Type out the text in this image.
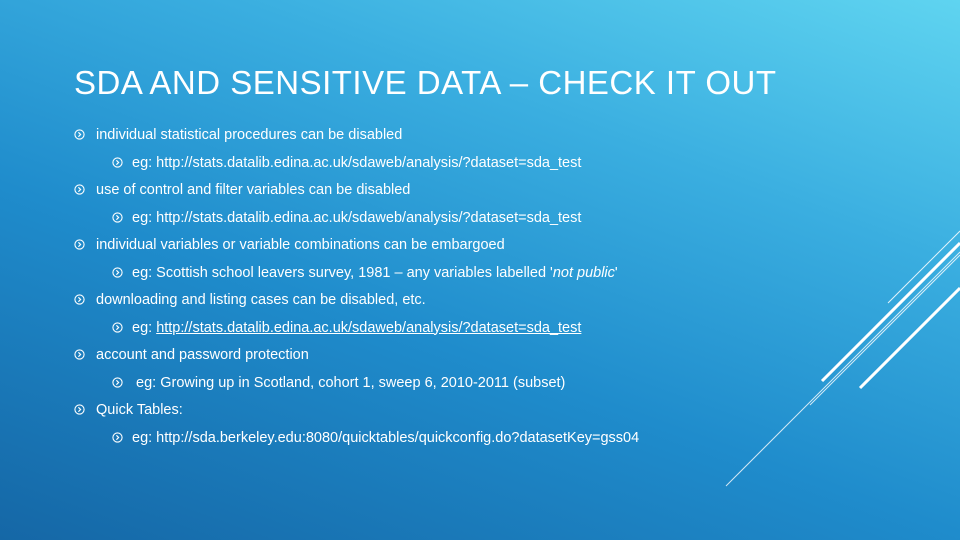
SDA AND SENSITIVE DATA – CHECK IT OUT
individual statistical procedures can be disabled
eg: http://stats.datalib.edina.ac.uk/sdaweb/analysis/?dataset=sda_test
use of control and filter variables can be disabled
eg: http://stats.datalib.edina.ac.uk/sdaweb/analysis/?dataset=sda_test
individual variables or variable combinations can be embargoed
eg: Scottish school leavers survey, 1981 – any variables labelled 'not public'
downloading and listing cases can be disabled, etc.
eg: http://stats.datalib.edina.ac.uk/sdaweb/analysis/?dataset=sda_test
account and password protection
eg: Growing up in Scotland, cohort 1, sweep 6, 2010-2011 (subset)
Quick Tables:
eg: http://sda.berkeley.edu:8080/quicktables/quickconfig.do?datasetKey=gss04
